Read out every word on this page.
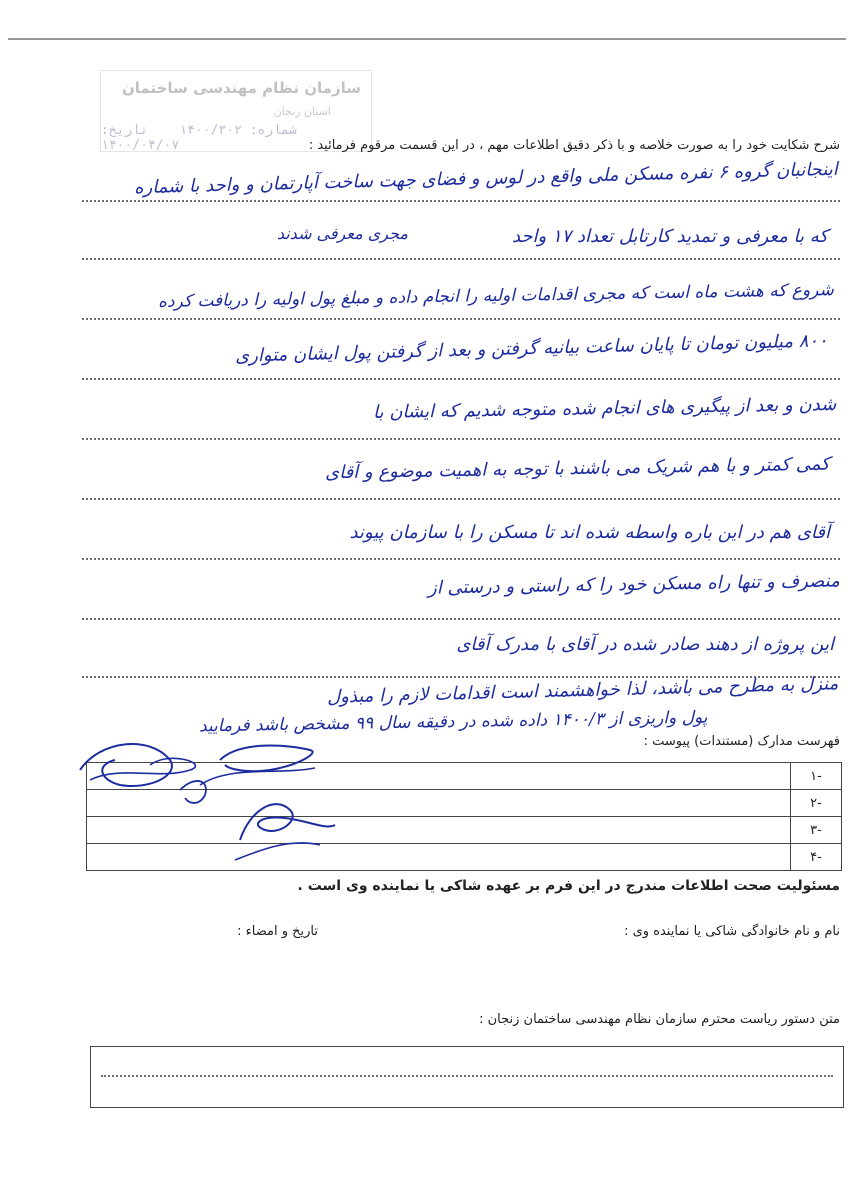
سازمان نظام مهندسی ساختمان
استان زنجان
شماره: ۱۴۰۰/۳۰۲    تاریخ: ۱۴۰۰/۰۴/۰۷	شرح شکایت خود را به صورت خلاصه و با ذکر دقیق اطلاعات مهم ، در این قسمت مرقوم فرمائید :
اینجانبان گروه ۶ نفره مسکن ملی واقع در لوس و فضای جهت ساخت آپارتمان و واحد با شماره
مجری معرفی شدند	که با معرفی و تمدید کارتابل تعداد ۱۷ واحد
شروع که هشت ماه است که مجری اقدامات اولیه را انجام داده و مبلغ پول اولیه را دریافت کرده
۸۰۰ میلیون تومان تا پایان ساعت بیانیه گرفتن و بعد از گرفتن پول ایشان متواری
شدن و بعد از پیگیری های انجام شده متوجه شدیم که ایشان با
کمی کمتر و با هم شریک می باشند با توجه به اهمیت موضوع و آقای
آقای هم در این باره واسطه شده اند تا مسکن را با سازمان پیوند
منصرف و تنها راه مسکن خود را که راستی و درستی از
این پروژه از دهند صادر شده در آقای با مدرک آقای
منزل به مطرح می باشد، لذا خواهشمند است اقدامات لازم را مبذول
پول واریزی از ۱۴۰۰/۳ داده شده در دقیقه سال ۹۹ مشخص باشد فرمایید
فهرست مدارک (مستندات) پیوست :
	-۱
	-۲
	-۳
	-۴
مسئولیت صحت اطلاعات مندرج در این فرم بر عهده شاکی یا نماینده وی است .
نام و نام خانوادگی شاکی یا نماینده وی :
تاریخ و امضاء :
متن دستور ریاست محترم سازمان نظام مهندسی ساختمان زنجان :
